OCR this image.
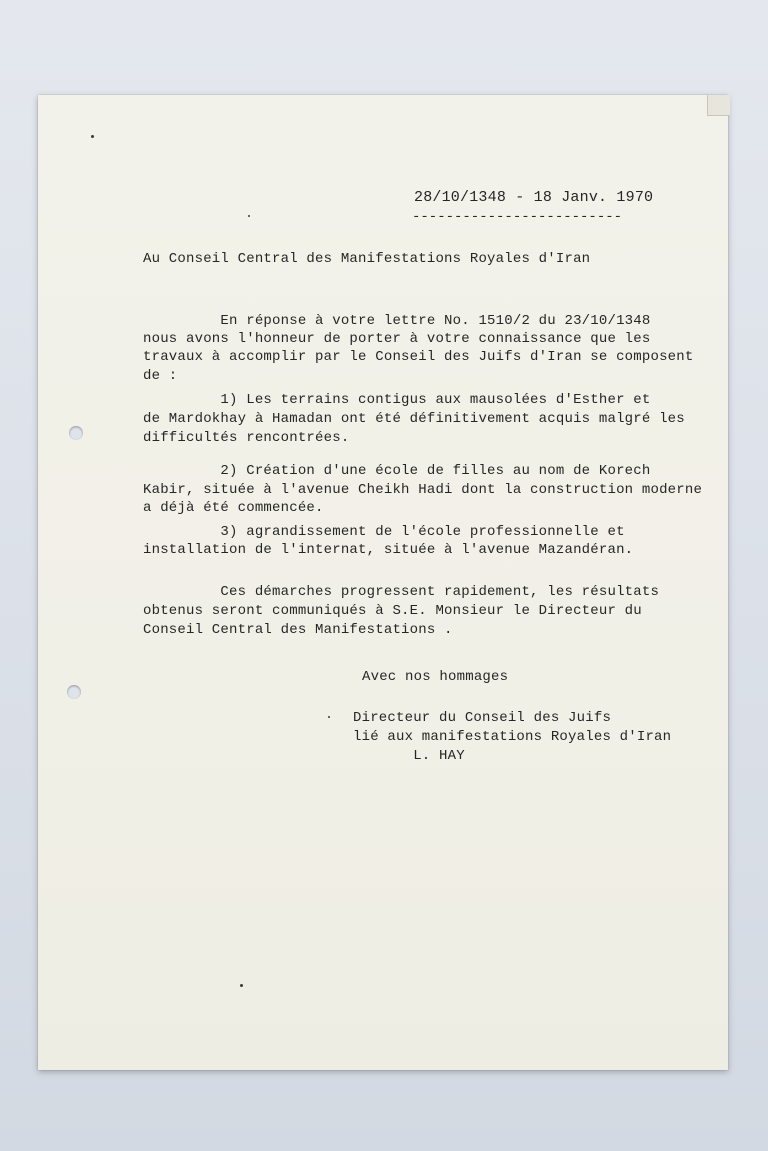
28/10/1348 - 18 Janv. 1970
-------------------------
Au Conseil Central des Manifestations Royales d'Iran
En réponse à votre lettre No. 1510/2 du 23/10/1348
nous avons l'honneur de porter à votre connaissance que les
travaux à accomplir par le Conseil des Juifs d'Iran se composent
de :
1) Les terrains contigus aux mausolées d'Esther et
de Mardokhay à Hamadan ont été définitivement acquis malgré les
difficultés rencontrées.
2) Création d'une école de filles au nom de Korech
Kabir, située à l'avenue Cheikh Hadi dont la construction moderne
a déjà été commencée.
3) agrandissement de l'école professionnelle et
installation de l'internat, située à l'avenue Mazandéran.
Ces démarches progressent rapidement, les résultats
obtenus seront communiqués à S.E. Monsieur le Directeur du
Conseil Central des Manifestations .
Avec nos hommages
Directeur du Conseil des Juifs
lié aux manifestations Royales d'Iran
L. HAY
